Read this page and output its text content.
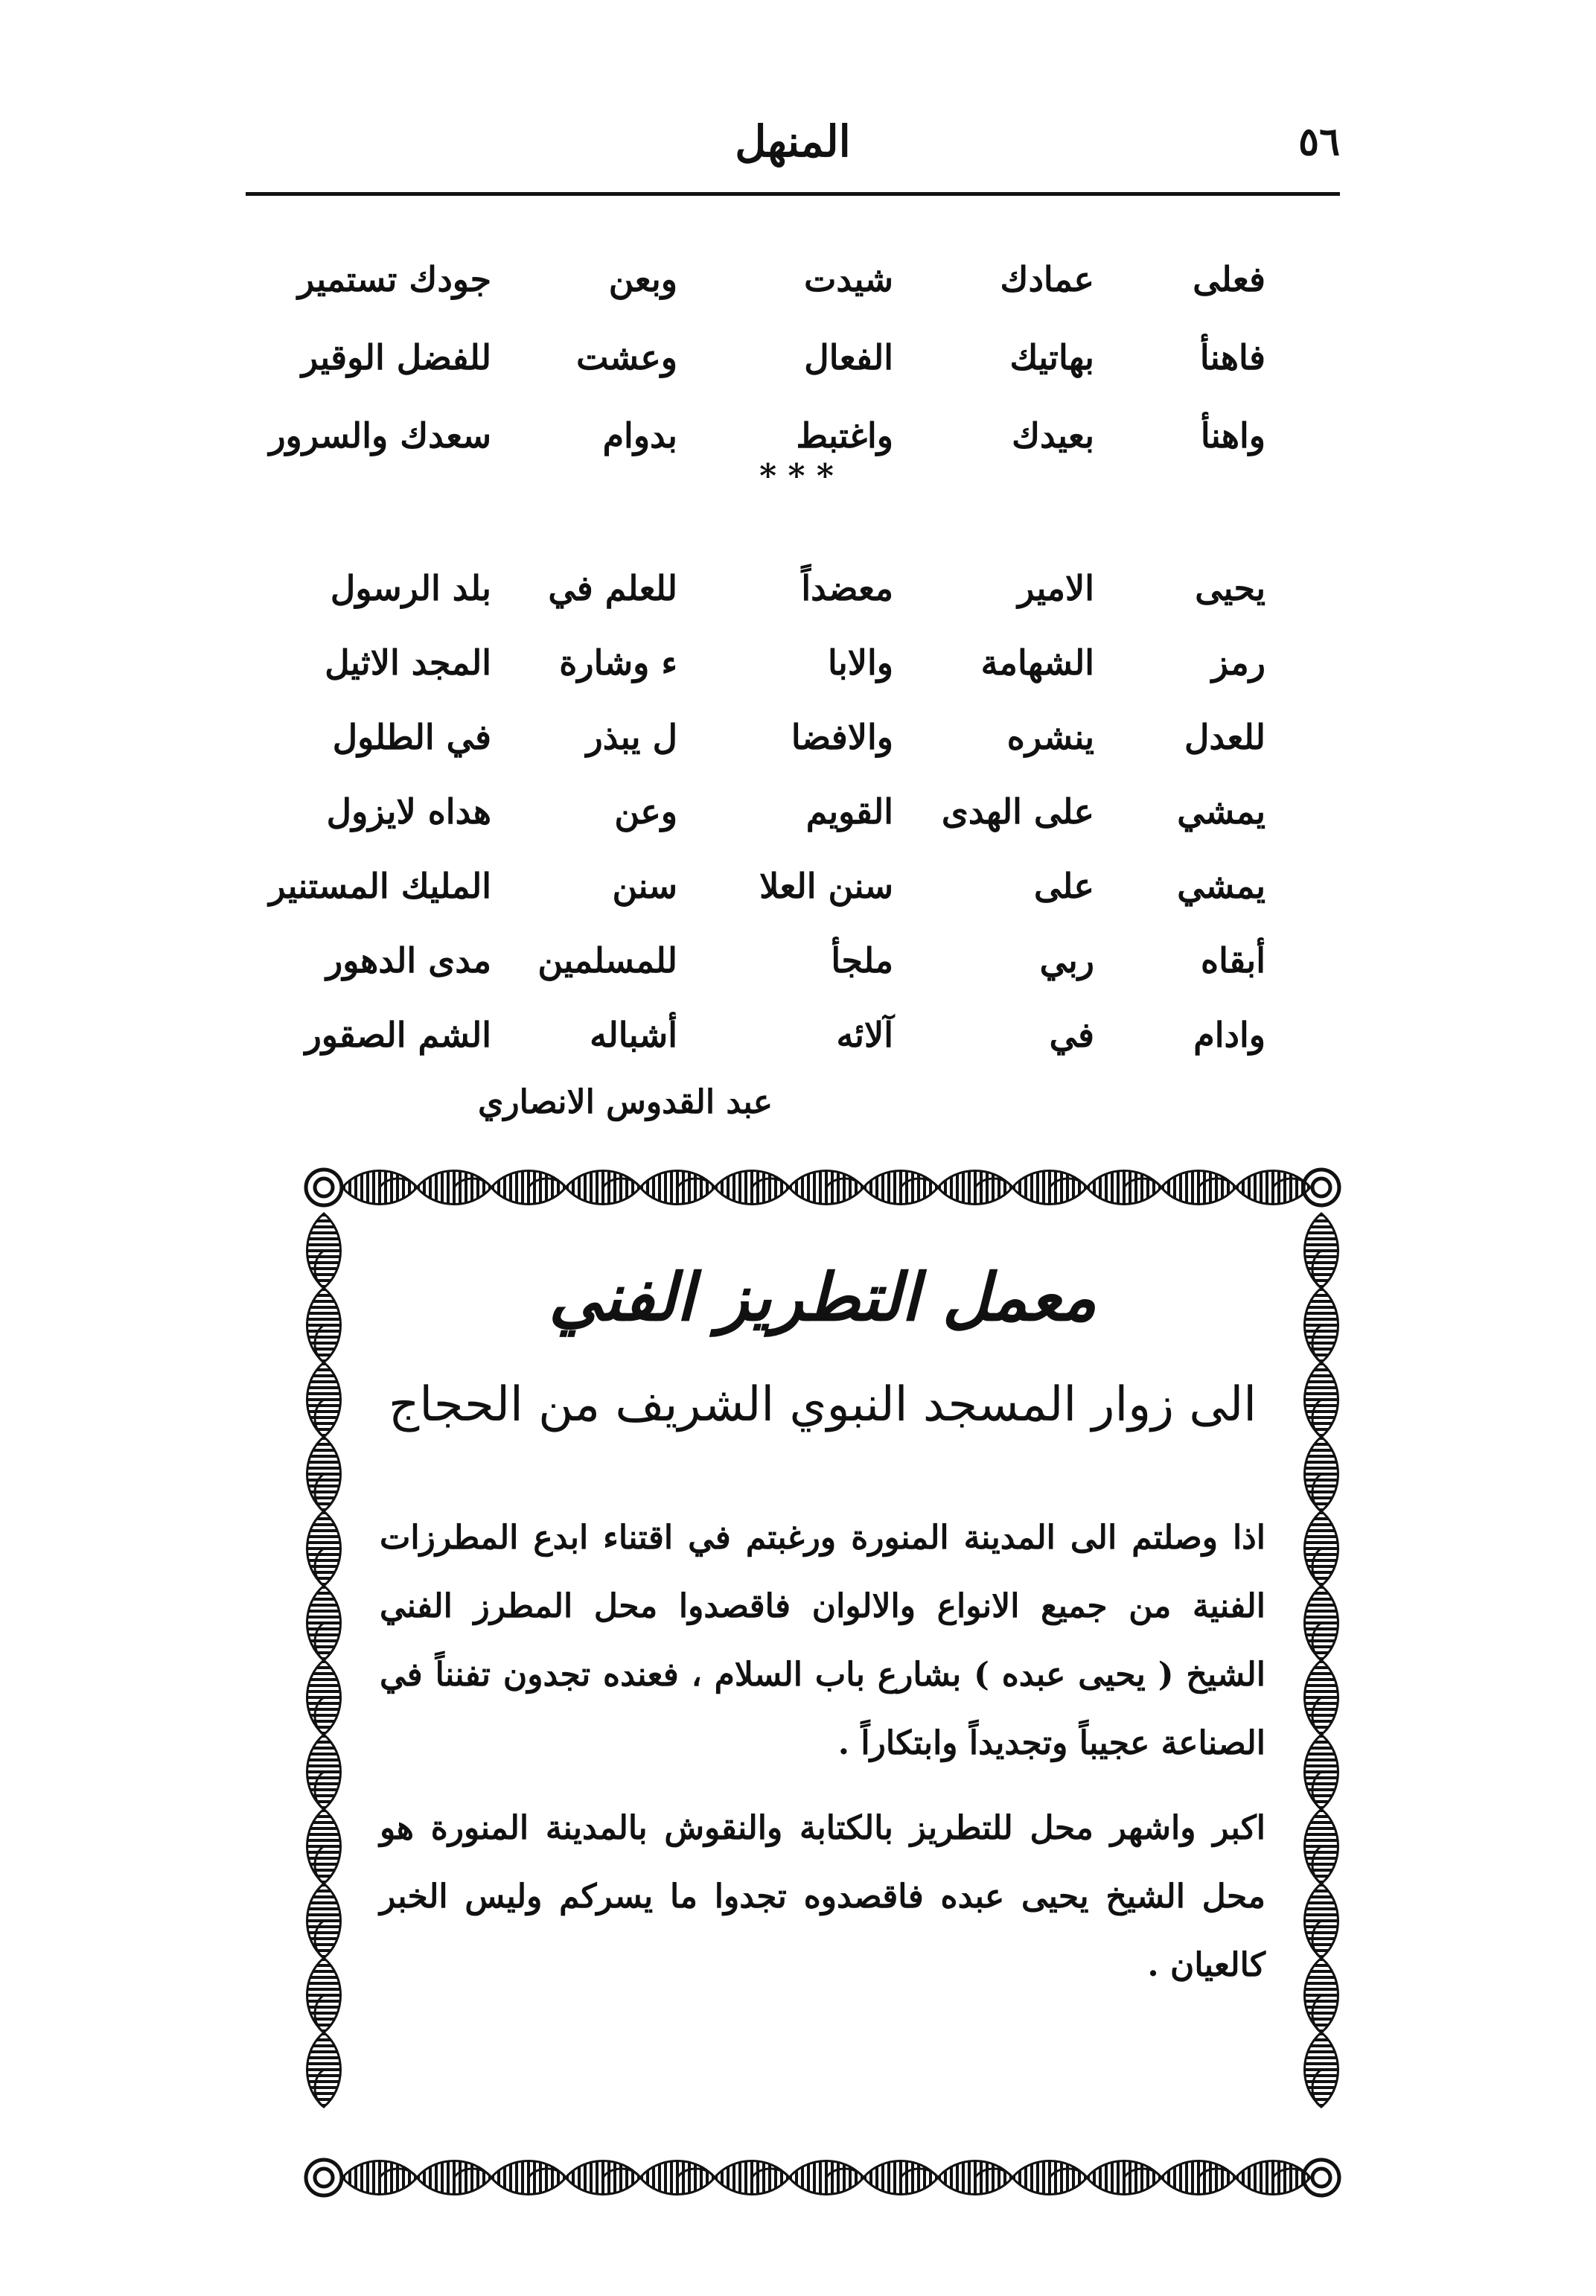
٥٦
المنهل
فعلى
عمادك
شيدت
وبعن
جودك تستمير
فاهنأ
بهاتيك
الفعال
وعشت
للفضل الوقير
واهنأ
بعيدك
واغتبط
بدوام
سعدك والسرور
* * *
يحيى
الامير
معضداً
للعلم في
بلد الرسول
رمز
الشهامة
والابا
ء وشارة
المجد الاثيل
للعدل
ينشره
والافضا
ل يبذر
في الطلول
يمشي
على الهدى
القويم
وعن
هداه لايزول
يمشي
على
سنن العلا
سنن
المليك المستنير
أبقاه
ربي
ملجأ
للمسلمين
مدى الدهور
وادام
في
آلائه
أشباله
الشم الصقور
عبد القدوس الانصاري
معمل التطريز الفني
الى زوار المسجد النبوي الشريف من الحجاج

اذا وصلتم الى المدينة المنورة ورغبتم في اقتناء ابدع المطرزات الفنية من جميع الانواع والالوان فاقصدوا محل المطرز الفني الشيخ ( يحيى عبده ) بشارع باب السلام ، فعنده تجدون تفنناً في الصناعة عجيباً وتجديداً وابتكاراً .

اكبر واشهر محل للتطريز بالكتابة والنقوش بالمدينة المنورة هو محل الشيخ يحيى عبده فاقصدوه تجدوا ما يسركم وليس الخبر كالعيان .
